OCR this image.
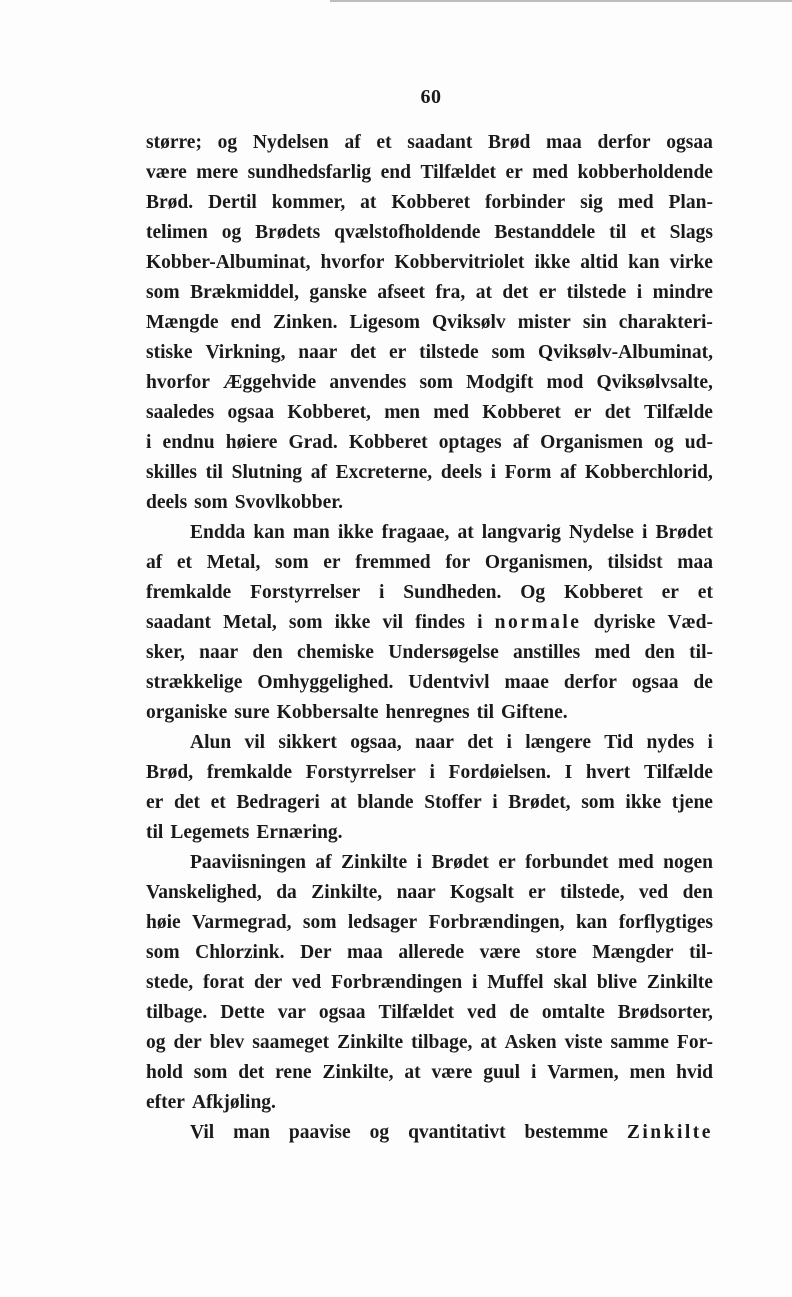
60
større; og Nydelsen af et saadant Brød maa derfor ogsaa
være mere sundhedsfarlig end Tilfældet er med kobberholdende
Brød. Dertil kommer, at Kobberet forbinder sig med Plan-
telimen og Brødets qvælstofholdende Bestanddele til et Slags
Kobber-Albuminat, hvorfor Kobbervitriolet ikke altid kan virke
som Brækmiddel, ganske afseet fra, at det er tilstede i mindre
Mængde end Zinken. Ligesom Qviksølv mister sin charakteri-
stiske Virkning, naar det er tilstede som Qviksølv-Albuminat,
hvorfor Æggehvide anvendes som Modgift mod Qviksølvsalte,
saaledes ogsaa Kobberet, men med Kobberet er det Tilfælde
i endnu høiere Grad. Kobberet optages af Organismen og ud-
skilles til Slutning af Excreterne, deels i Form af Kobberchlorid,
deels som Svovlkobber.
Endda kan man ikke fragaae, at langvarig Nydelse i Brødet
af et Metal, som er fremmed for Organismen, tilsidst maa
fremkalde Forstyrrelser i Sundheden. Og Kobberet er et
saadant Metal, som ikke vil findes i normale dyriske Væd-
sker, naar den chemiske Undersøgelse anstilles med den til-
strækkelige Omhyggelighed. Udentvivl maae derfor ogsaa de
organiske sure Kobbersalte henregnes til Giftene.
Alun vil sikkert ogsaa, naar det i længere Tid nydes i
Brød, fremkalde Forstyrrelser i Fordøielsen. I hvert Tilfælde
er det et Bedrageri at blande Stoffer i Brødet, som ikke tjene
til Legemets Ernæring.
Paaviisningen af Zinkilte i Brødet er forbundet med nogen
Vanskelighed, da Zinkilte, naar Kogsalt er tilstede, ved den
høie Varmegrad, som ledsager Forbrændingen, kan forflygtiges
som Chlorzink. Der maa allerede være store Mængder til-
stede, forat der ved Forbrændingen i Muffel skal blive Zinkilte
tilbage. Dette var ogsaa Tilfældet ved de omtalte Brødsorter,
og der blev saameget Zinkilte tilbage, at Asken viste samme For-
hold som det rene Zinkilte, at være guul i Varmen, men hvid
efter Afkjøling.
Vil man paavise og qvantitativt bestemme Zinkilte
